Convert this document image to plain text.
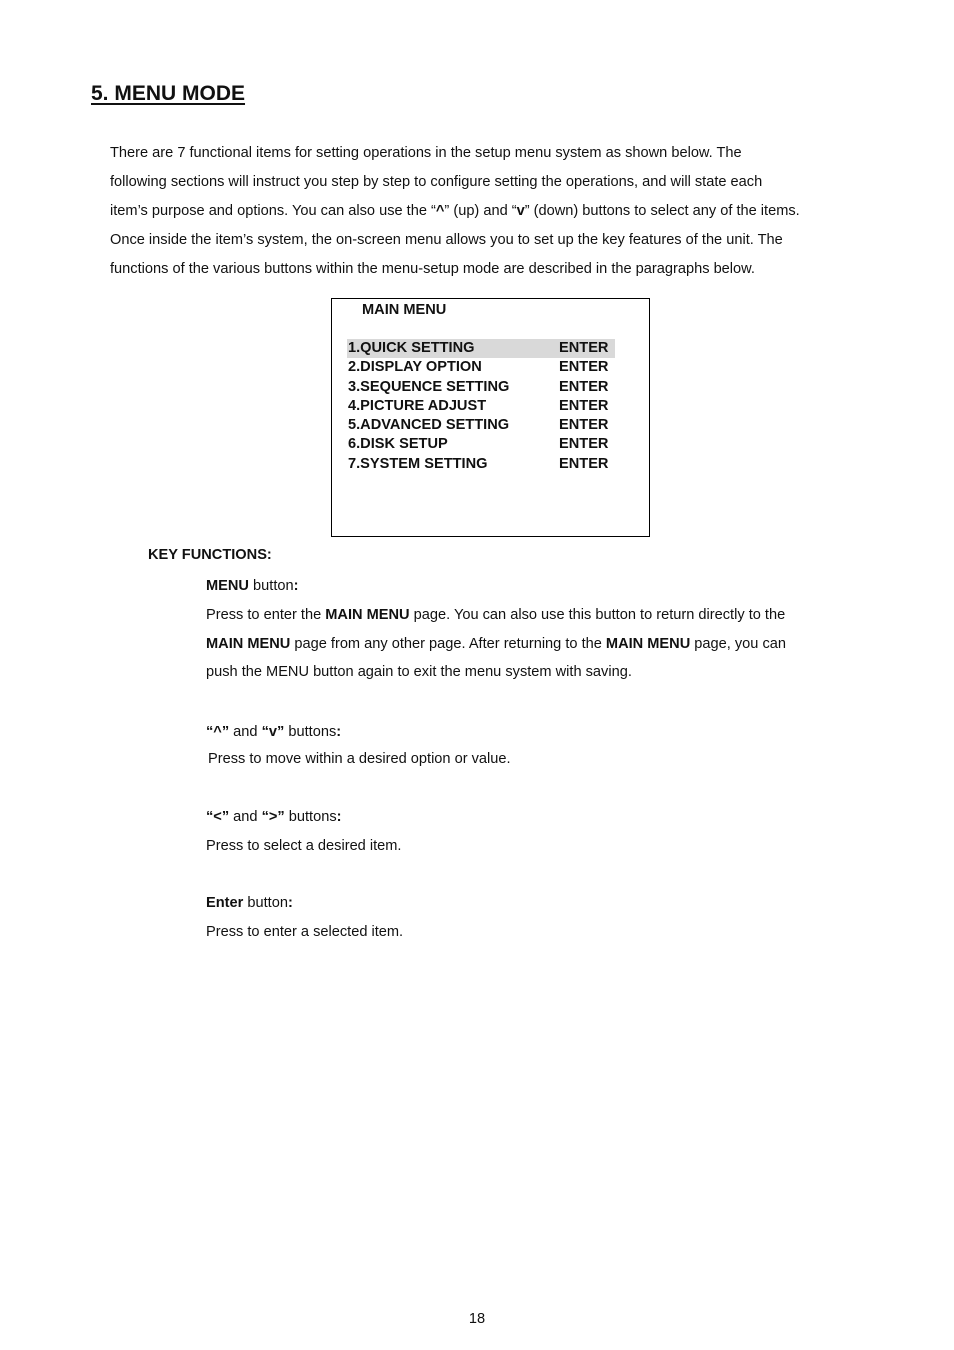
5. MENU MODE
There are 7 functional items for setting operations in the setup menu system as shown below. The
following sections will instruct you step by step to configure setting the operations, and will state each
item’s purpose and options. You can also use the “^” (up) and “v” (down) buttons to select any of the items.
Once inside the item’s system, the on-screen menu allows you to set up the key features of the unit. The
functions of the various buttons within the menu-setup mode are described in the paragraphs below.
MAIN MENU
1.QUICK SETTING	ENTER
2.DISPLAY OPTION	ENTER
3.SEQUENCE SETTING	ENTER
4.PICTURE ADJUST	ENTER
5.ADVANCED SETTING	ENTER
6.DISK SETUP	ENTER
7.SYSTEM SETTING	ENTER
KEY FUNCTIONS:
MENU button:
Press to enter the MAIN MENU page. You can also use this button to return directly to the
MAIN MENU page from any other page. After returning to the MAIN MENU page, you can
push the MENU button again to exit the menu system with saving.
“^” and “v” buttons:
Press to move within a desired option or value.
“<” and “>” buttons:
Press to select a desired item.
Enter button:
Press to enter a selected item.
18
